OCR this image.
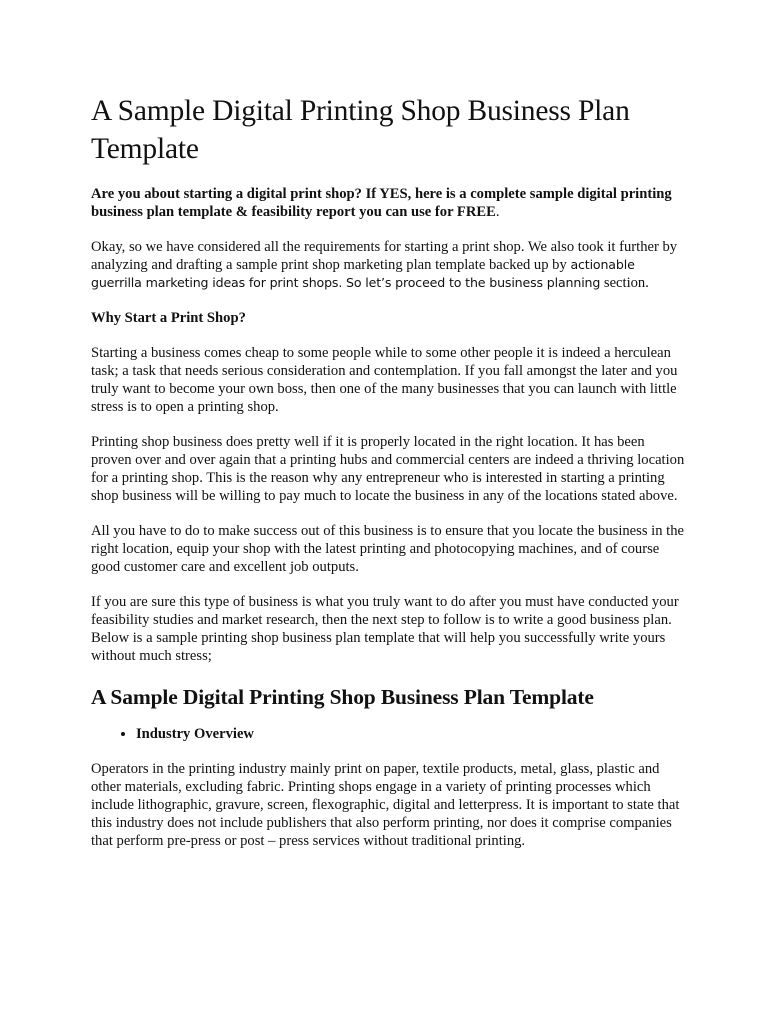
A Sample Digital Printing Shop Business Plan Template
Are you about starting a digital print shop? If YES, here is a complete sample digital printing business plan template & feasibility report you can use for FREE.

Okay, so we have considered all the requirements for starting a print shop. We also took it further by analyzing and drafting a sample print shop marketing plan template backed up by actionable guerrilla marketing ideas for print shops. So let’s proceed to the business planning section.

Why Start a Print Shop?

Starting a business comes cheap to some people while to some other people it is indeed a herculean task; a task that needs serious consideration and contemplation. If you fall amongst the later and you truly want to become your own boss, then one of the many businesses that you can launch with little stress is to open a printing shop.

Printing shop business does pretty well if it is properly located in the right location. It has been proven over and over again that a printing hubs and commercial centers are indeed a thriving location for a printing shop. This is the reason why any entrepreneur who is interested in starting a printing shop business will be willing to pay much to locate the business in any of the locations stated above.

All you have to do to make success out of this business is to ensure that you locate the business in the right location, equip your shop with the latest printing and photocopying machines, and of course good customer care and excellent job outputs.

If you are sure this type of business is what you truly want to do after you must have conducted your feasibility studies and market research, then the next step to follow is to write a good business plan. Below is a sample printing shop business plan template that will help you successfully write yours without much stress;

A Sample Digital Printing Shop Business Plan Template
• Industry Overview

Operators in the printing industry mainly print on paper, textile products, metal, glass, plastic and other materials, excluding fabric. Printing shops engage in a variety of printing processes which include lithographic, gravure, screen, flexographic, digital and letterpress. It is important to state that this industry does not include publishers that also perform printing, nor does it comprise companies that perform pre-press or post – press services without traditional printing.
